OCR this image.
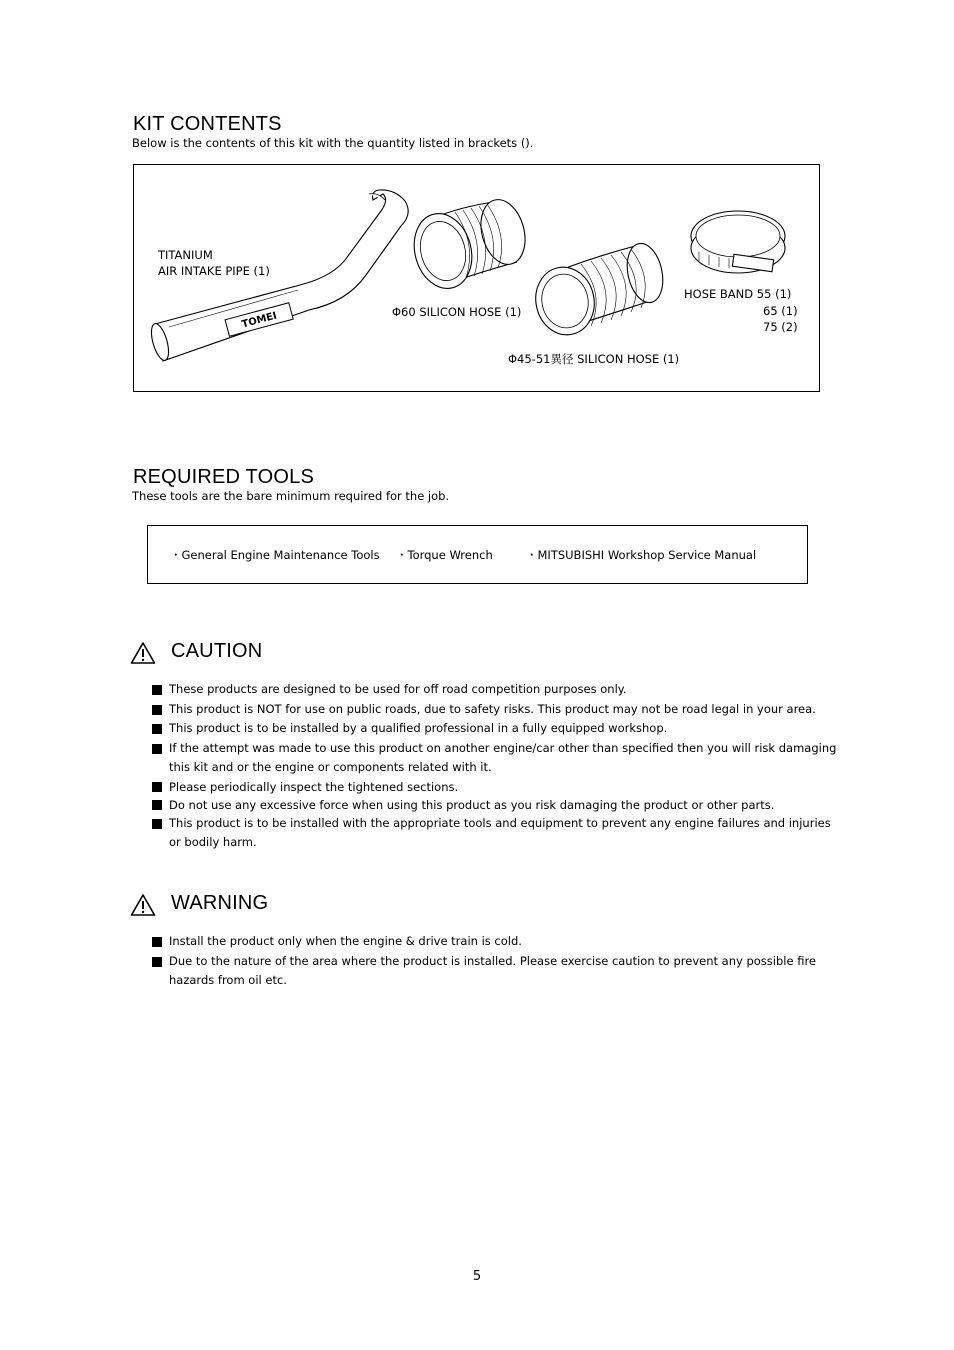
KIT CONTENTS
Below is the contents of this kit with the quantity listed in brackets ().
TOMEI
TITANIUM
AIR INTAKE PIPE (1)
Φ60 SILICON HOSE (1)
Φ45-51異径 SILICON HOSE (1)
HOSE BAND 55 (1)
65 (1)
75 (2)
REQUIRED TOOLS
These tools are the bare minimum required for the job.
・General Engine Maintenance Tools ・Torque Wrench	・MITSUBISHI Workshop Service Manual
CAUTION
These products are designed to be used for off road competition purposes only.
This product is NOT for use on public roads, due to safety risks. This product may not be road legal in your area.
This product is to be installed by a qualified professional in a fully equipped workshop.
If the attempt was made to use this product on another engine/car other than specified then you will risk damaging this kit and or the engine or components related with it.
Please periodically inspect the tightened sections.
Do not use any excessive force when using this product as you risk damaging the product or other parts.
This product is to be installed with the appropriate tools and equipment to prevent any engine failures and injuries or bodily harm.
WARNING
Install the product only when the engine & drive train is cold.
Due to the nature of the area where the product is installed. Please exercise caution to prevent any possible fire hazards from oil etc.
5
